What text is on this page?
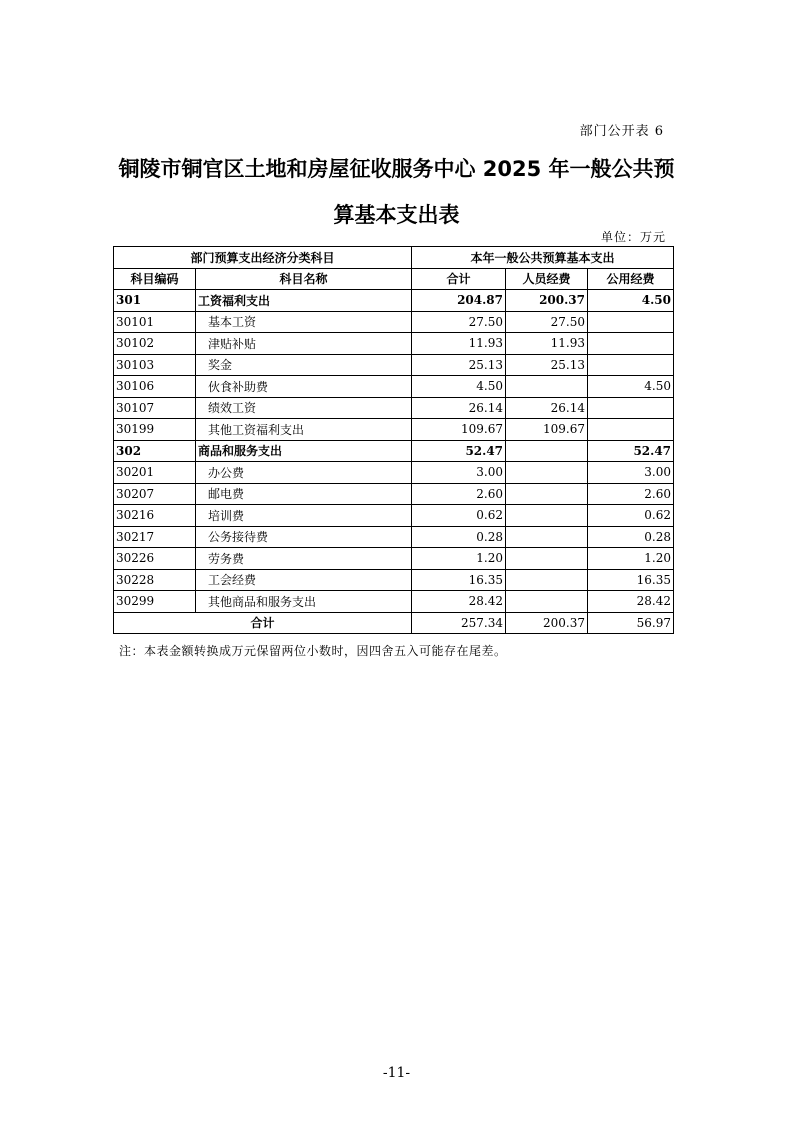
部门公开表 6
铜陵市铜官区土地和房屋征收服务中心 2025 年一般公共预
算基本支出表
单位：万元
部门预算支出经济分类科目		本年一般公共预算基本支出		
科目编码	科目名称	合计	人员经费	公用经费
301	工资福利支出	204.87	200.37	4.50
30101	基本工资	27.50	27.50	
30102	津贴补贴	11.93	11.93	
30103	奖金	25.13	25.13	
30106	伙食补助费	4.50		4.50
30107	绩效工资	26.14	26.14	
30199	其他工资福利支出	109.67	109.67	
302	商品和服务支出	52.47		52.47
30201	办公费	3.00		3.00
30207	邮电费	2.60		2.60
30216	培训费	0.62		0.62
30217	公务接待费	0.28		0.28
30226	劳务费	1.20		1.20
30228	工会经费	16.35		16.35
30299	其他商品和服务支出	28.42		28.42
合计		257.34	200.37	56.97
注：本表金额转换成万元保留两位小数时，因四舍五入可能存在尾差。
-11-
